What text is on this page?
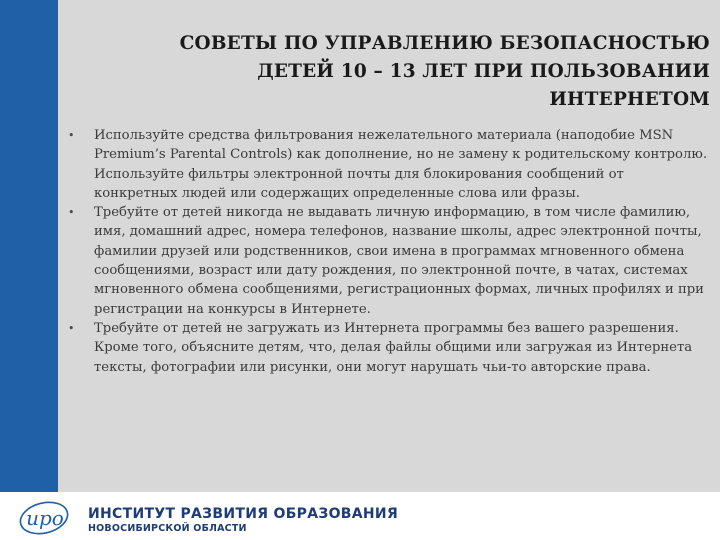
СОВЕТЫ ПО УПРАВЛЕНИЮ БЕЗОПАСНОСТЬЮ
ДЕТЕЙ 10 – 13 ЛЕТ ПРИ ПОЛЬЗОВАНИИ
ИНТЕРНЕТОМ
• Используйте средства фильтрования нежелательного материала (наподобие MSN Premium’s Parental Controls) как дополнение, но не замену к родительскому контролю. Используйте фильтры электронной почты для блокирования сообщений от конкретных людей или содержащих определенные слова или фразы.
• Требуйте от детей никогда не выдавать личную информацию, в том числе фамилию, имя, домашний адрес, номера телефонов, название школы, адрес электронной почты, фамилии друзей или родственников, свои имена в программах мгновенного обмена сообщениями, возраст или дату рождения, по электронной почте, в чатах, системах мгновенного обмена сообщениями, регистрационных формах, личных профилях и при регистрации на конкурсы в Интернете.
• Требуйте от детей не загружать из Интернета программы без вашего разрешения. Кроме того, объясните детям, что, делая файлы общими или загружая из Интернета тексты, фотографии или рисунки, они могут нарушать чьи-то авторские права.
ирo ИНСТИТУТ РАЗВИТИЯ ОБРАЗОВАНИЯ
НОВОСИБИРСКОЙ ОБЛАСТИ
